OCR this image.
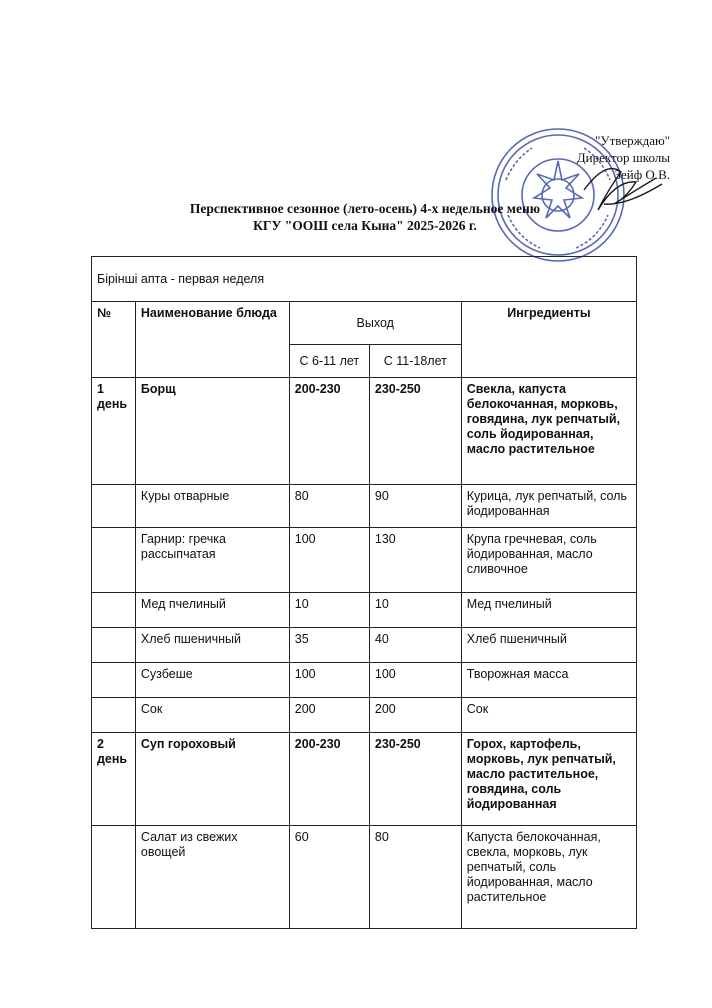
"Утверждаю"
Директор школы
Зейф О.В.
Перспективное сезонное (лето-осень) 4-х недельное меню
КГУ "ООШ села Кына" 2025-2026 г.
Бірінші апта - первая неделя				
№	Наименование блюда	Выход		Ингредиенты
		С 6-11 лет	С 11-18лет	
1 день	Борщ	200-230	230-250	Свекла, капуста белокочанная, морковь, говядина, лук репчатый, соль йодированная, масло растительное
	Куры отварные	80	90	Курица, лук репчатый, соль йодированная
	Гарнир: гречка рассыпчатая	100	130	Крупа гречневая, соль йодированная, масло сливочное
	Мед пчелиный	10	10	Мед пчелиный
	Хлеб пшеничный	35	40	Хлеб пшеничный
	Сузбеше	100	100	Творожная масса
	Сок	200	200	Сок
2 день	Суп гороховый	200-230	230-250	Горох, картофель, морковь, лук репчатый, масло растительное, говядина, соль йодированная
	Салат из свежих овощей	60	80	Капуста белокочанная, свекла, морковь, лук репчатый, соль йодированная, масло растительное
